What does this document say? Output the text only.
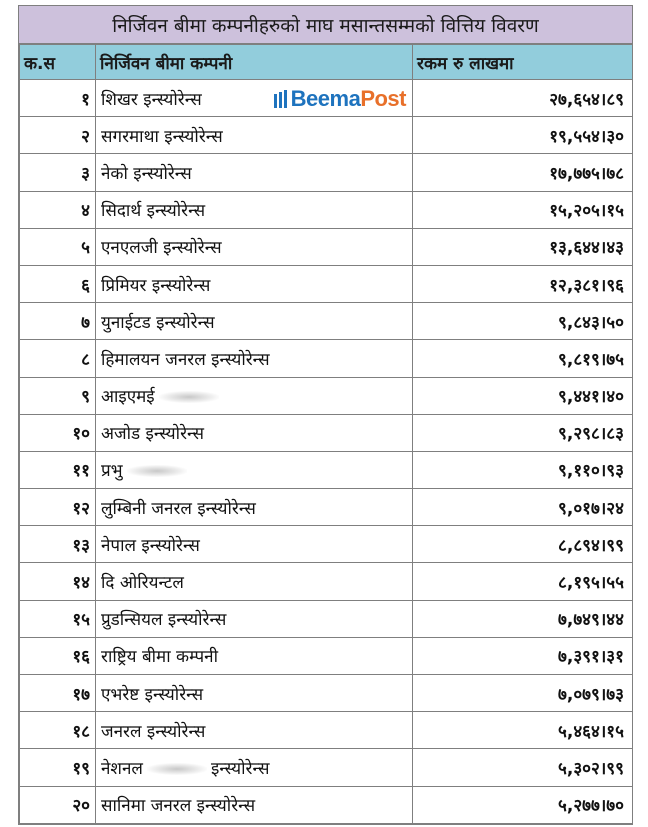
निर्जिवन बीमा कम्पनीहरुको माघ मसान्तसम्मको वित्तिय विवरण
क.स	निर्जिवन बीमा कम्पनी	रकम रु लाखमा
१	शिखर इन्स्योरेन्स Beema Post	२७,६५४।८९
२	सगरमाथा इन्स्योरेन्स	१९,५५४।३०
३	नेको इन्स्योरेन्स	१७,७७५।७८
४	सिदार्थ इन्स्योरेन्स	१५,२०५।१५
५	एनएलजी इन्स्योरेन्स	१३,६४४।४३
६	प्रिमियर इन्स्योरेन्स	१२,३८१।९६
७	युनाईटड इन्स्योरेन्स	९,८४३।५०
८	हिमालयन जनरल इन्स्योरेन्स	९,८१९।७५
९	आइएमई	९,४४१।४०
१०	अजोड इन्स्योरेन्स	९,२९८।८३
११	प्रभु	९,११०।९३
१२	लुम्बिनी जनरल इन्स्योरेन्स	९,०१७।२४
१३	नेपाल इन्स्योरेन्स	८,८९४।९९
१४	दि ओरियन्टल	८,१९५।५५
१५	प्रुडन्सियल इन्स्योरेन्स	७,७४९।४४
१६	राष्ट्रिय बीमा कम्पनी	७,३९१।३१
१७	एभरेष्ट इन्स्योरेन्स	७,०७९।७३
१८	जनरल इन्स्योरेन्स	५,४६४।१५
१९	नेशनल इन्स्योरेन्स	५,३०२।९९
२०	सानिमा जनरल इन्स्योरेन्स	५,२७७।७०
